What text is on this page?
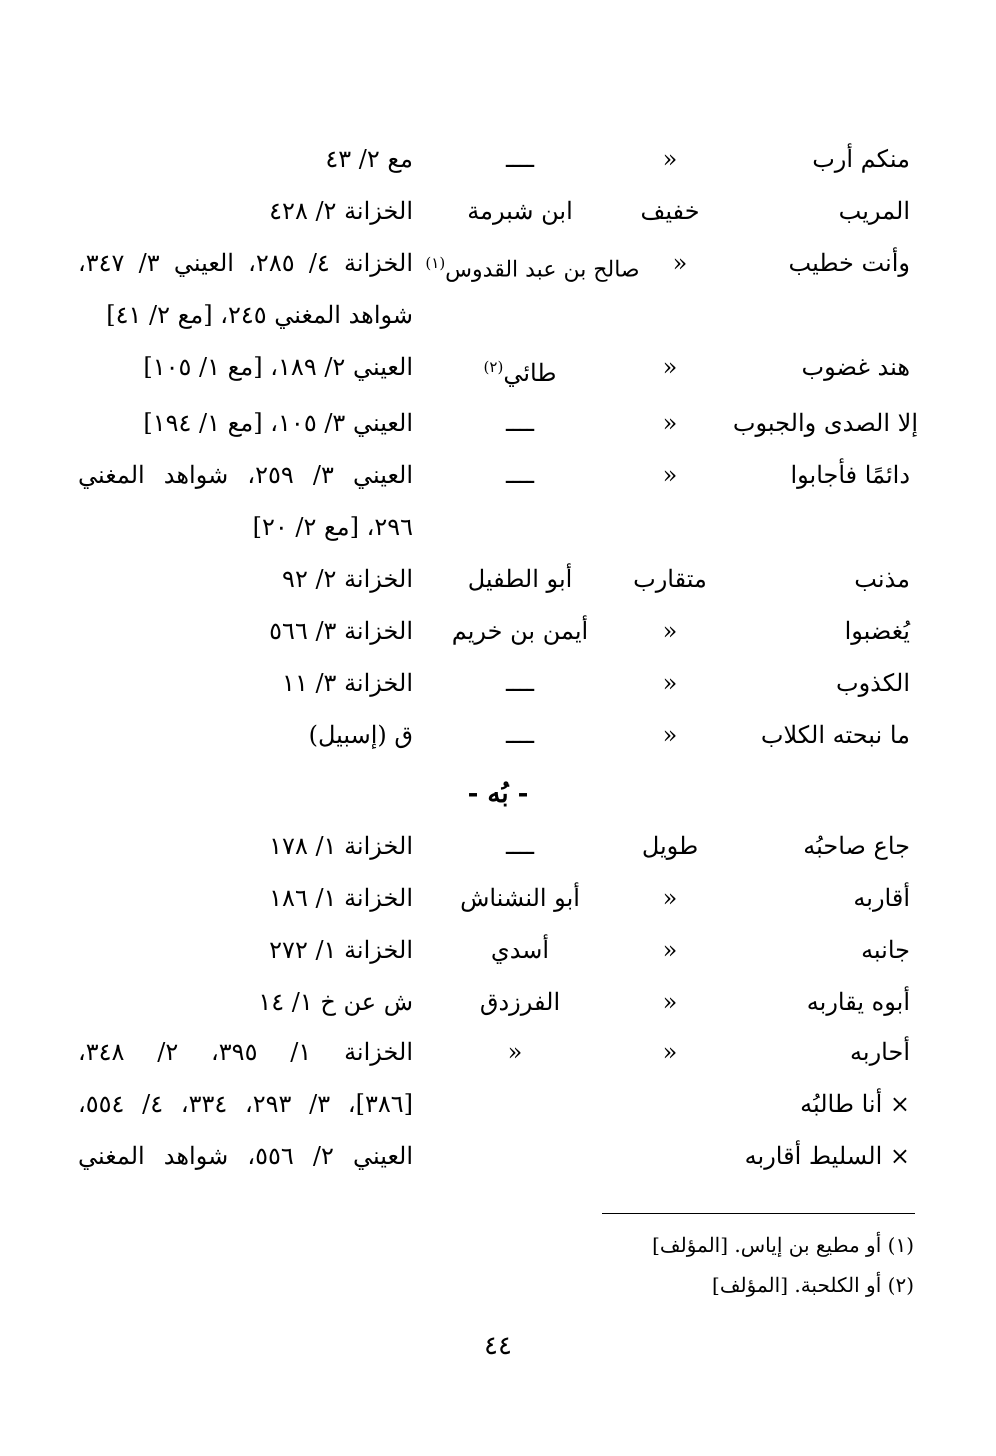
منكم أرب
«
ــــ
مع ٢/ ٤٣
المريب
خفيف
ابن شبرمة
الخزانة ٢/ ٤٢٨
وأنت خطيب
«
صالح بن عبد القدوس$^{(١)}$
الخزانة ٤/ ٢٨٥، العيني ٣/ ٣٤٧،
شواهد المغني ٢٤٥، [مع ٢/ ٤١]
هند غضوب
«
طائي$^{(٢)}$
العيني ٢/ ١٨٩، [مع ١/ ١٠٥]
إلا الصدى والجبوب
«
ــــ
العيني ٣/ ١٠٥، [مع ١/ ١٩٤]
دائمًا فأجابوا
«
ــــ
العيني ٣/ ٢٥٩، شواهد المغني
٢٩٦، [مع ٢/ ٢٠]
مذنب
متقارب
أبو الطفيل
الخزانة ٢/ ٩٢
يُغضبوا
«
أيمن بن خريم
الخزانة ٣/ ٥٦٦
الكذوب
«
ــــ
الخزانة ٣/ ١١
ما نبحته الكلاب
«
ــــ
ق (إسبيل)
- بُه -
جاع صاحبُه
طويل
ــــ
الخزانة ١/ ١٧٨
أقاربه
«
أبو النشناش
الخزانة ١/ ١٨٦
جانبه
«
أسدي
الخزانة ١/ ٢٧٢
أبوه يقاربه
«
الفرزدق
ش عن خ ١/ ١٤
أحاربه
«
«
الخزانة ١/ ٣٩٥، ٢/ ٣٤٨،
× أنا طالبُه
[٣٨٦]، ٣/ ٢٩٣، ٣٣٤، ٤/ ٥٥٤،
× السليط أقاربه
العيني ٢/ ٥٥٦، شواهد المغني
(١) أو مطيع بن إياس. [المؤلف]
(٢) أو الكلحبة. [المؤلف]
٤٤
